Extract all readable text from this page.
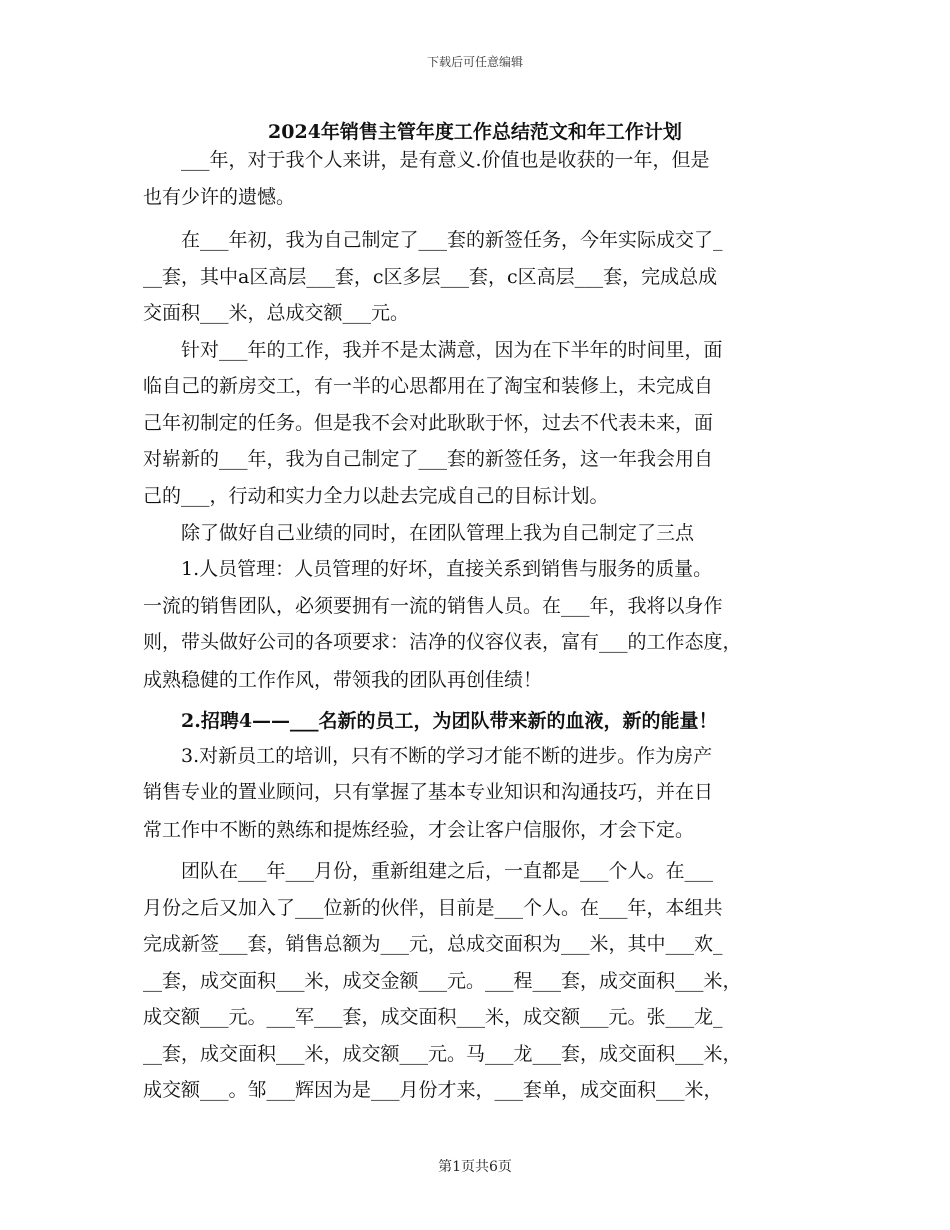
下载后可任意编辑
2024年销售主管年度工作总结范文和年工作计划
　　___年，对于我个人来讲，是有意义.价值也是收获的一年，但是
也有少许的遗憾。
　　在___年初，我为自己制定了___套的新签任务，今年实际成交了_
__套，其中a区高层___套，c区多层___套，c区高层___套，完成总成
交面积___米，总成交额___元。
　　针对___年的工作，我并不是太满意，因为在下半年的时间里，面
临自己的新房交工，有一半的心思都用在了淘宝和装修上，未完成自
己年初制定的任务。但是我不会对此耿耿于怀，过去不代表未来，面
对崭新的___年，我为自己制定了___套的新签任务，这一年我会用自
己的___，行动和实力全力以赴去完成自己的目标计划。
　　除了做好自己业绩的同时，在团队管理上我为自己制定了三点
　　1.人员管理：人员管理的好坏，直接关系到销售与服务的质量。
一流的销售团队，必须要拥有一流的销售人员。在___年，我将以身作
则，带头做好公司的各项要求：洁净的仪容仪表，富有___的工作态度，
成熟稳健的工作作风，带领我的团队再创佳绩！
　　2.招聘4——___名新的员工，为团队带来新的血液，新的能量！
　　3.对新员工的培训，只有不断的学习才能不断的进步。作为房产
销售专业的置业顾问，只有掌握了基本专业知识和沟通技巧，并在日
常工作中不断的熟练和提炼经验，才会让客户信服你，才会下定。
　　团队在___年___月份，重新组建之后，一直都是___个人。在___
月份之后又加入了___位新的伙伴，目前是___个人。在___年，本组共
完成新签___套，销售总额为___元，总成交面积为___米，其中___欢_
__套，成交面积___米，成交金额___元。___程___套，成交面积___米，
成交额___元。___军___套，成交面积___米，成交额___元。张___龙_
__套，成交面积___米，成交额___元。马___龙___套，成交面积___米，
成交额___。邹___辉因为是___月份才来，___套单，成交面积___米，
第1页共6页
